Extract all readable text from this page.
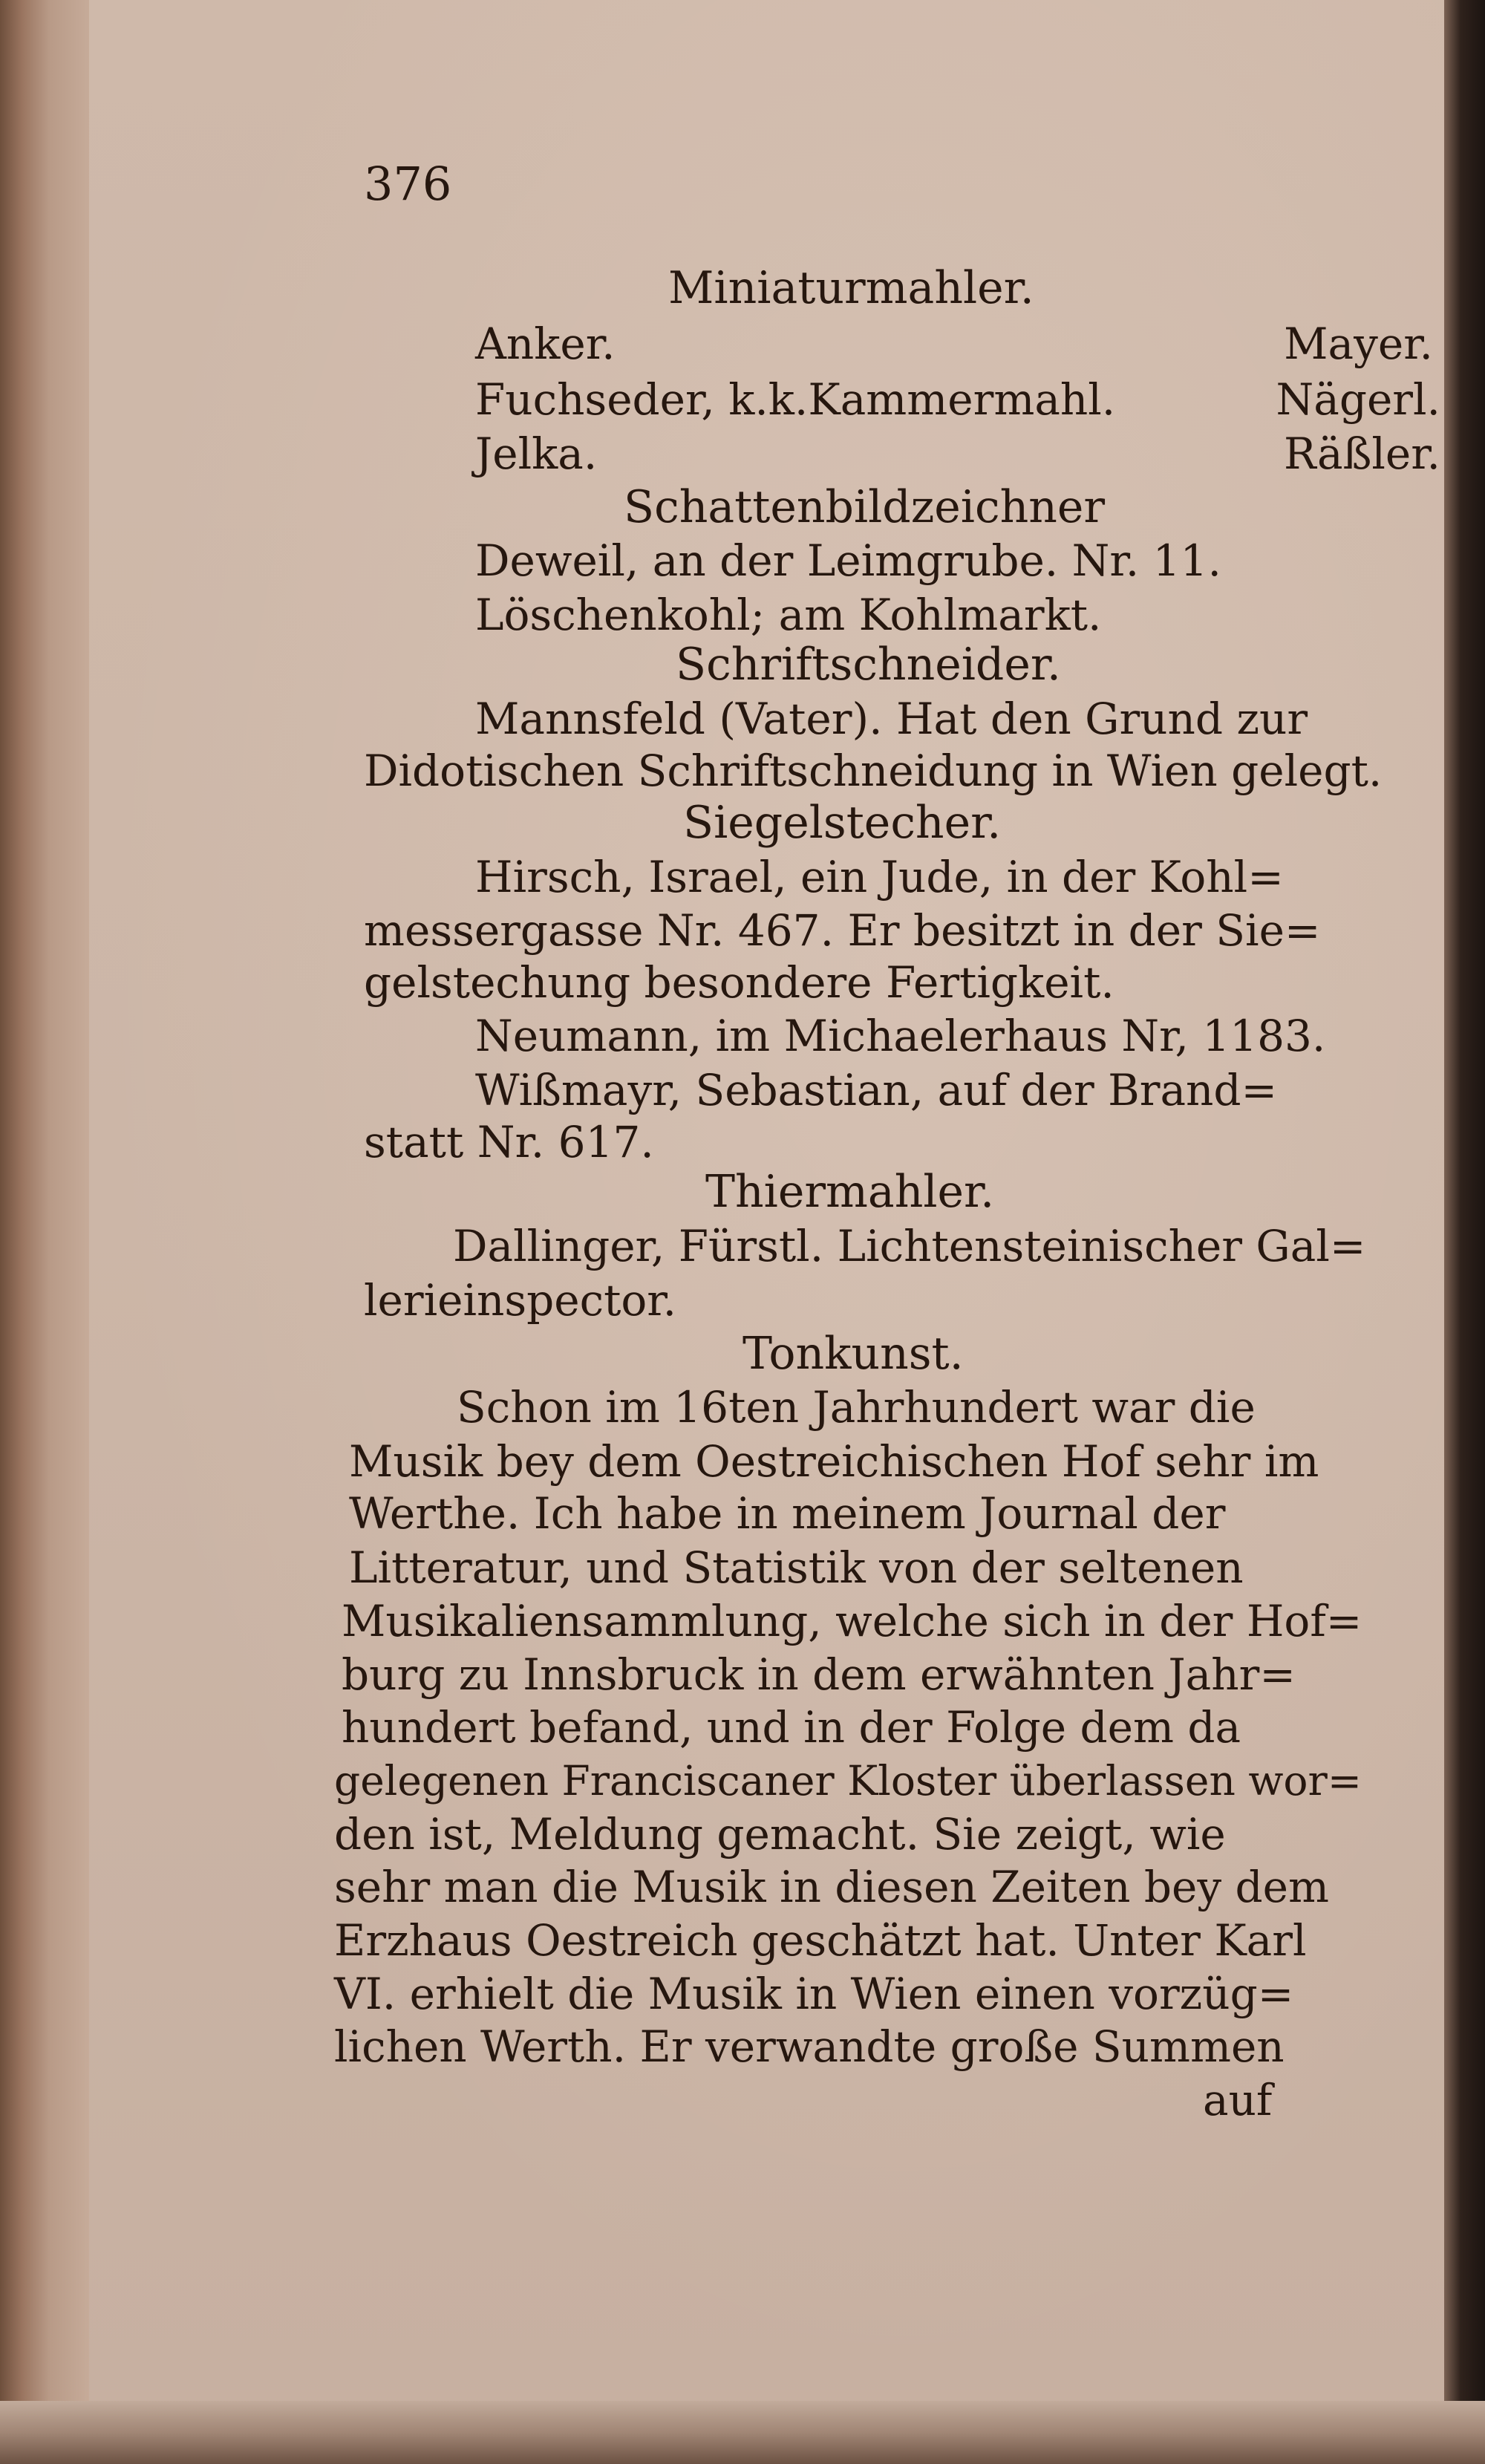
376

Miniaturmahler.

Anker.	Mayer.
Fuchseder, k.k.Kammermahl.	Nägerl.
Jelka.	Räßler.

Schattenbildzeichner

Deweil, an der Leimgrube. Nr. 11.

Löschenkohl; am Kohlmarkt.

Schriftschneider.

Mannsfeld (Vater). Hat den Grund zur

Didotischen Schriftschneidung in Wien gelegt.

Siegelstecher.

Hirsch, Israel, ein Jude, in der Kohl=

messergasse Nr. 467. Er besitzt in der Sie=

gelstechung besondere Fertigkeit.

Neumann, im Michaelerhaus Nr, 1183.

Wißmayr, Sebastian, auf der Brand=

statt Nr. 617.

Thiermahler.

Dallinger, Fürstl. Lichtensteinischer Gal=

lerieinspector.

Tonkunst.

Schon im 16ten Jahrhundert war die

Musik bey dem Oestreichischen Hof sehr im

Werthe. Ich habe in meinem Journal der

Litteratur, und Statistik von der seltenen

Musikaliensammlung, welche sich in der Hof=

burg zu Innsbruck in dem erwähnten Jahr=

hundert befand, und in der Folge dem da

gelegenen Franciscaner Kloster überlassen wor=

den ist, Meldung gemacht. Sie zeigt, wie

sehr man die Musik in diesen Zeiten bey dem

Erzhaus Oestreich geschätzt hat. Unter Karl

VI. erhielt die Musik in Wien einen vorzüg=

lichen Werth. Er verwandte große Summen

auf
